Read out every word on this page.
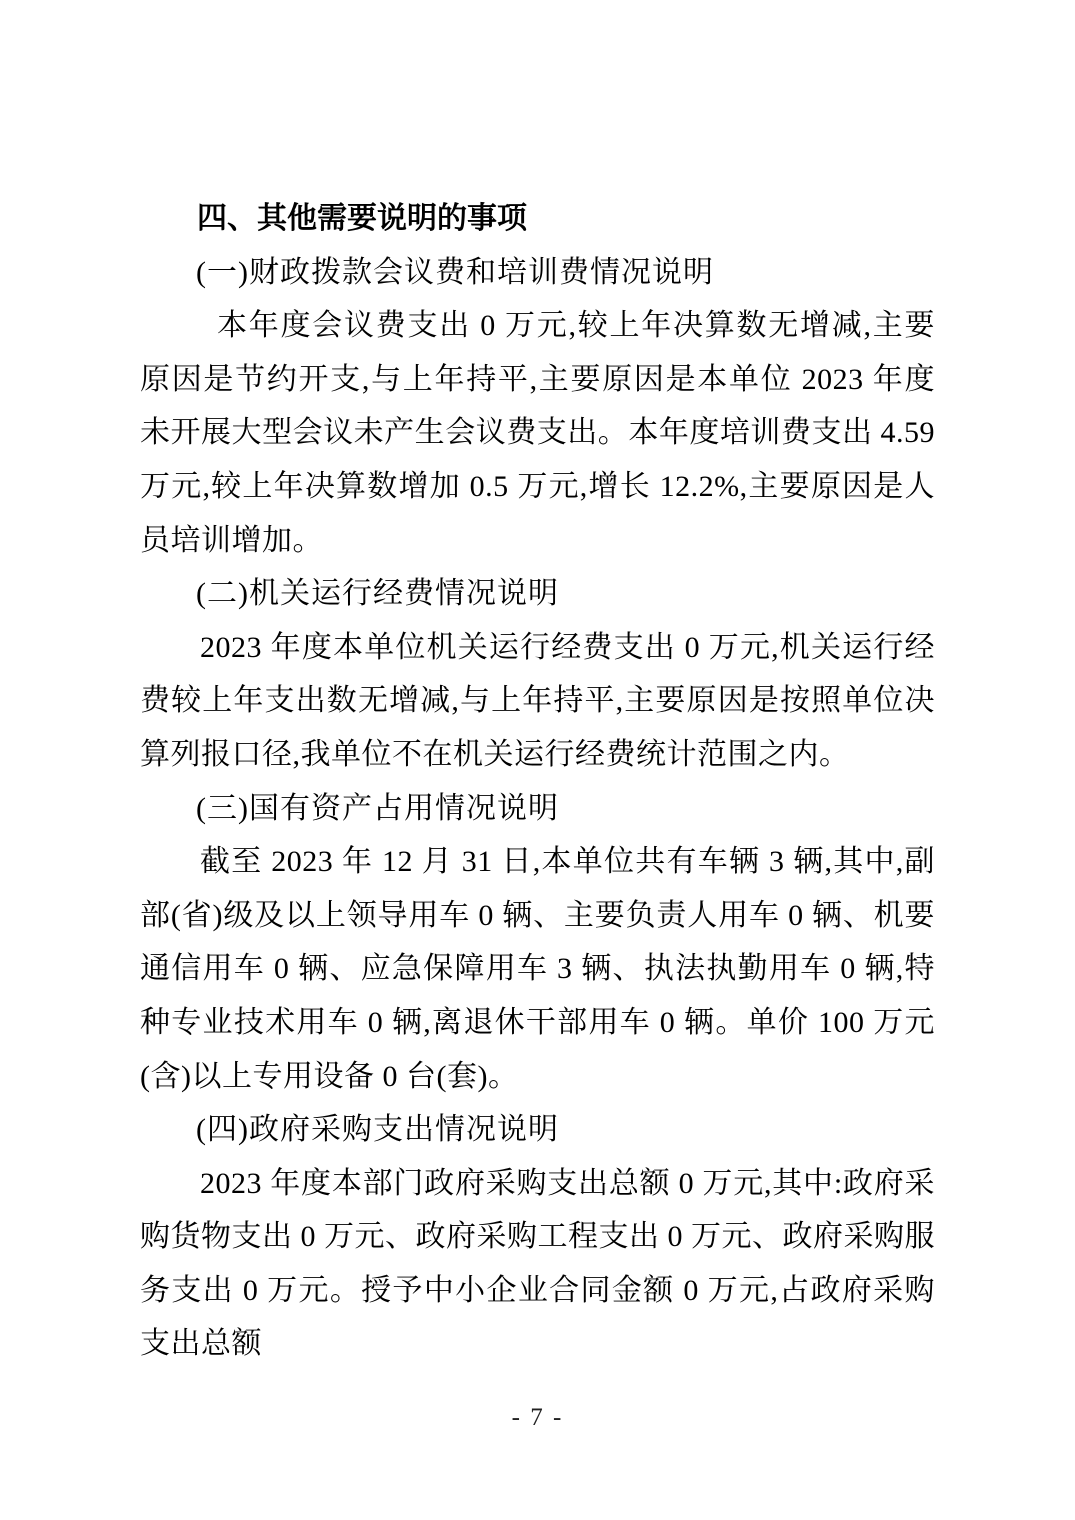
四、其他需要说明的事项
(一)财政拨款会议费和培训费情况说明

本年度会议费支出 0 万元,较上年决算数无增减,主要原因是节约开支,与上年持平,主要原因是本单位 2023 年度未开展大型会议未产生会议费支出。本年度培训费支出 4.59 万元,较上年决算数增加 0.5 万元,增长 12.2%,主要原因是人员培训增加。

(二)机关运行经费情况说明

2023 年度本单位机关运行经费支出 0 万元,机关运行经费较上年支出数无增减,与上年持平,主要原因是按照单位决算列报口径,我单位不在机关运行经费统计范围之内。

(三)国有资产占用情况说明

截至 2023 年 12 月 31 日,本单位共有车辆 3 辆,其中,副部(省)级及以上领导用车 0 辆、主要负责人用车 0 辆、机要通信用车 0 辆、应急保障用车 3 辆、执法执勤用车 0 辆,特种专业技术用车 0 辆,离退休干部用车 0 辆。单价 100 万元(含)以上专用设备 0 台(套)。

(四)政府采购支出情况说明

2023 年度本部门政府采购支出总额 0 万元,其中:政府采购货物支出 0 万元、政府采购工程支出 0 万元、政府采购服务支出 0 万元。授予中小企业合同金额 0 万元,占政府采购支出总额

- 7 -
